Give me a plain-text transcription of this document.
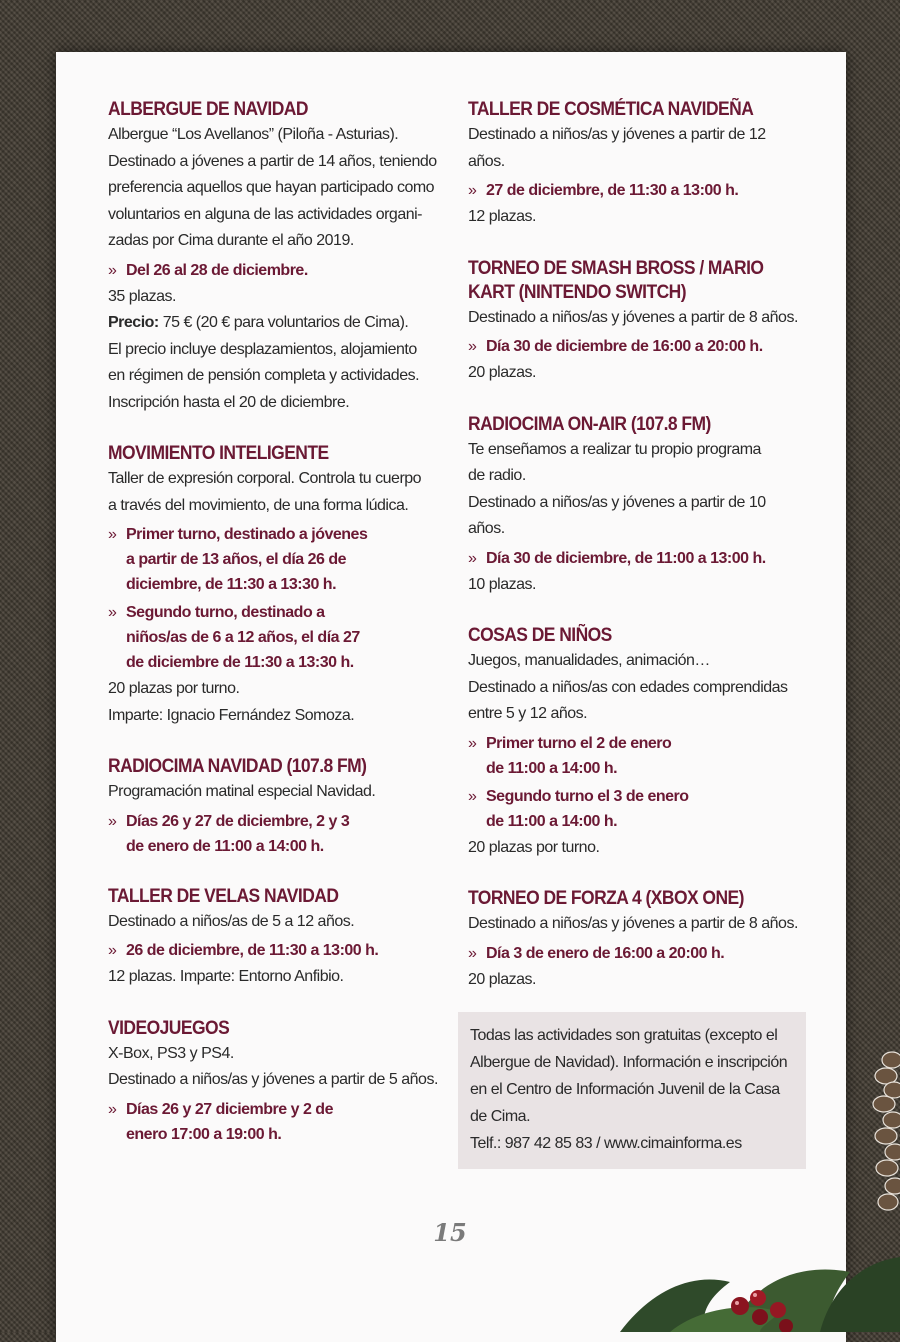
ALBERGUE DE NAVIDAD

Albergue “Los Avellanos” (Piloña - Asturias).

Destinado a jóvenes a partir de 14 años, teniendo

preferencia aquellos que hayan participado como

voluntarios en alguna de las actividades organi-

zadas por Cima durante el año 2019.

» Del 26 al 28 de diciembre.

35 plazas.

Precio: 75 € (20 € para voluntarios de Cima).

El precio incluye desplazamientos, alojamiento

en régimen de pensión completa y actividades.

Inscripción hasta el 20 de diciembre.

MOVIMIENTO INTELIGENTE

Taller de expresión corporal. Controla tu cuerpo

a través del movimiento, de una forma lúdica.

» Primer turno, destinado a jóvenes
a partir de 13 años, el día 26 de
diciembre, de 11:30 a 13:30 h.
» Segundo turno, destinado a
niños/as de 6 a 12 años, el día 27
de diciembre de 11:30 a 13:30 h.

20 plazas por turno.

Imparte: Ignacio Fernández Somoza.

RADIOCIMA NAVIDAD (107.8 FM)

Programación matinal especial Navidad.

» Días 26 y 27 de diciembre, 2 y 3
de enero de 11:00 a 14:00 h.
TALLER DE VELAS NAVIDAD

Destinado a niños/as de 5 a 12 años.

» 26 de diciembre, de 11:30 a 13:00 h.

12 plazas. Imparte: Entorno Anfibio.

VIDEOJUEGOS

X-Box, PS3 y PS4.

Destinado a niños/as y jóvenes a partir de 5 años.

» Días 26 y 27 diciembre y 2 de
enero 17:00 a 19:00 h.
TALLER DE COSMÉTICA NAVIDEÑA

Destinado a niños/as y jóvenes a partir de 12 años.

» 27 de diciembre, de 11:30 a 13:00 h.

12 plazas.

TORNEO DE SMASH BROSS / MARIO KART (NINTENDO SWITCH)

Destinado a niños/as y jóvenes a partir de 8 años.

» Día 30 de diciembre de 16:00 a 20:00 h.

20 plazas.

RADIOCIMA ON-AIR (107.8 FM)

Te enseñamos a realizar tu propio programa

de radio.

Destinado a niños/as y jóvenes a partir de 10 años.

» Día 30 de diciembre, de 11:00 a 13:00 h.

10 plazas.

COSAS DE NIÑOS

Juegos, manualidades, animación…

Destinado a niños/as con edades comprendidas

entre 5 y 12 años.

» Primer turno el 2 de enero
de 11:00 a 14:00 h.
» Segundo turno el 3 de enero
de 11:00 a 14:00 h.

20 plazas por turno.

TORNEO DE FORZA 4 (XBOX ONE)

Destinado a niños/as y jóvenes a partir de 8 años.

» Día 3 de enero de 16:00 a 20:00 h.

20 plazas.

Todas las actividades son gratuitas (excepto el

Albergue de Navidad). Información e inscripción

en el Centro de Información Juvenil de la Casa

de Cima.

Telf.: 987 42 85 83 / www.cimainforma.es

15
